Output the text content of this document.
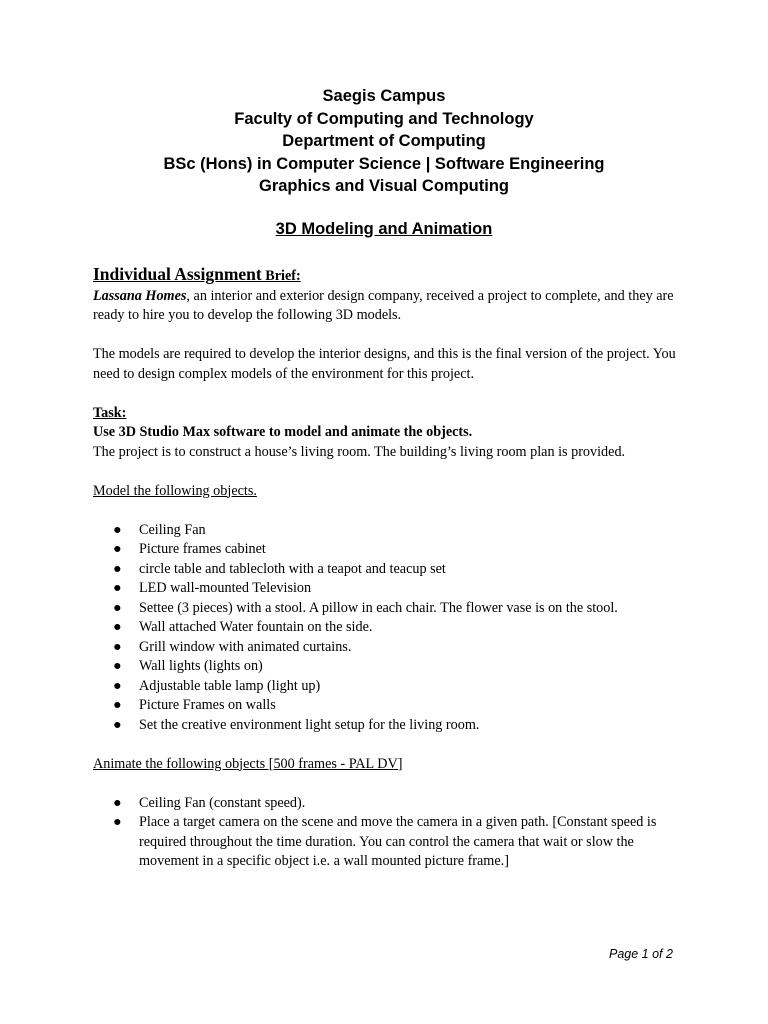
Saegis Campus
Faculty of Computing and Technology
Department of Computing
BSc (Hons) in Computer Science | Software Engineering
Graphics and Visual Computing
3D Modeling and Animation

Individual Assignment Brief:

Lassana Homes, an interior and exterior design company, received a project to complete, and they are ready to hire you to develop the following 3D models.

The models are required to develop the interior designs, and this is the final version of the project. You need to design complex models of the environment for this project.

Task:

Use 3D Studio Max software to model and animate the objects.

The project is to construct a house’s living room. The building’s living room plan is provided.

Model the following objects.

● Ceiling Fan
● Picture frames cabinet
● circle table and tablecloth with a teapot and teacup set
● LED wall-mounted Television
● Settee (3 pieces) with a stool. A pillow in each chair. The flower vase is on the stool.
● Wall attached Water fountain on the side.
● Grill window with animated curtains.
● Wall lights (lights on)
● Adjustable table lamp (light up)
● Picture Frames on walls
● Set the creative environment light setup for the living room.

Animate the following objects [500 frames - PAL DV]

● Ceiling Fan (constant speed).
● Place a target camera on the scene and move the camera in a given path. [Constant speed is required throughout the time duration. You can control the camera that wait or slow the movement in a specific object i.e. a wall mounted picture frame.]
Page 1 of 2
